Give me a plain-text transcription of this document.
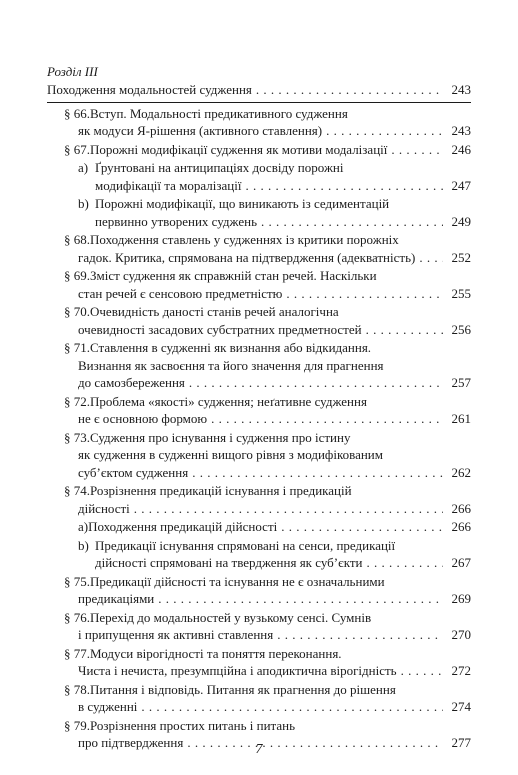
Розділ III
Походження модальностей судження . . .	243
§ 66.Вступ. Модальності предикативного судження
як модуси Я-рішення (активного ставлення) . . .	243
§ 67. Порожні модифікації судження як мотиви модалізації . . .	246
a)Ґрунтовані на антиципаціях досвіду порожні
модифікації та моралізації . . .	247
b)Порожні модифікації, що виникають із седиментацій
первинно утворених суджень . . .	249
§ 68.Походження ставлень у судженнях із критики порожніх
гадок. Критика, спрямована на підтвердження (адекватність) . . .	252
§ 69.Зміст судження як справжній стан речей. Наскільки
стан речей є сенсовою предметністю . . .	255
§ 70.Очевидність даності станів речей аналогічна
очевидності засадових субстратних предметностей . . .	256
§ 71.Ставлення в судженні як визнання або відкидання.
Визнання як засвоєння та його значення для прагнення
до самозбереження . . .	257
§ 72.Проблема «якості» судження; неґативне судження
не є основною формою . . .	261
§ 73.Судження про існування і судження про істину
як судження в судженні вищого рівня з модифікованим
суб’єктом судження . . .	262
§ 74.Розрізнення предикацій існування і предикацій
дійсності . . .	266
a) Походження предикацій дійсності . . .	266
b)Предикації існування спрямовані на сенси, предикації
дійсності спрямовані на твердження як суб’єкти . . .	267
§ 75.Предикації дійсності та існування не є означальними
предикаціями . . .	269
§ 76.Перехід до модальностей у вузькому сенсі. Сумнів
і припущення як активні ставлення . . .	270
§ 77.Модуси вірогідності та поняття переконання.
Чиста і нечиста, презумпційна і аподиктична вірогідність . . .	272
§ 78.Питання і відповідь. Питання як прагнення до рішення
в судженні . . .	274
§ 79.Розрізнення простих питань і питань
про підтвердження . . .	277
7
